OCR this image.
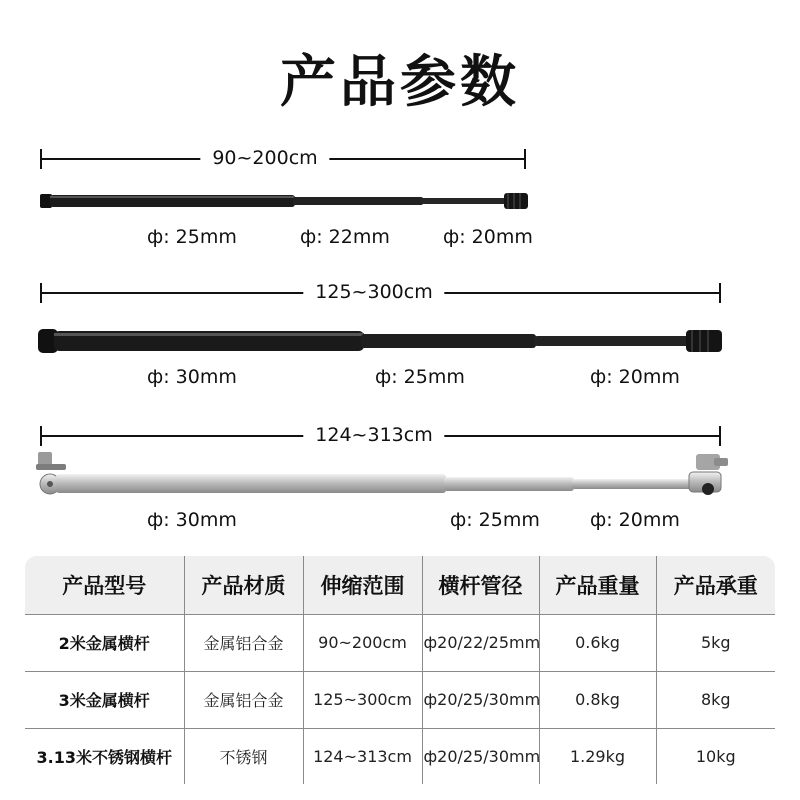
产品参数
90~200cm
ф: 25mm	ф: 22mm	ф: 20mm
125~300cm
ф: 30mm	ф: 25mm	ф: 20mm
124~313cm
ф: 30mm	ф: 25mm	ф: 20mm
产品型号	产品材质	伸缩范围	横杆管径	产品重量	产品承重
2米金属横杆	金属铝合金	90~200cm	ф20/22/25mm	0.6kg	5kg
3米金属横杆	金属铝合金	125~300cm	ф20/25/30mm	0.8kg	8kg
3.13米不锈钢横杆	不锈钢	124~313cm	ф20/25/30mm	1.29kg	10kg
